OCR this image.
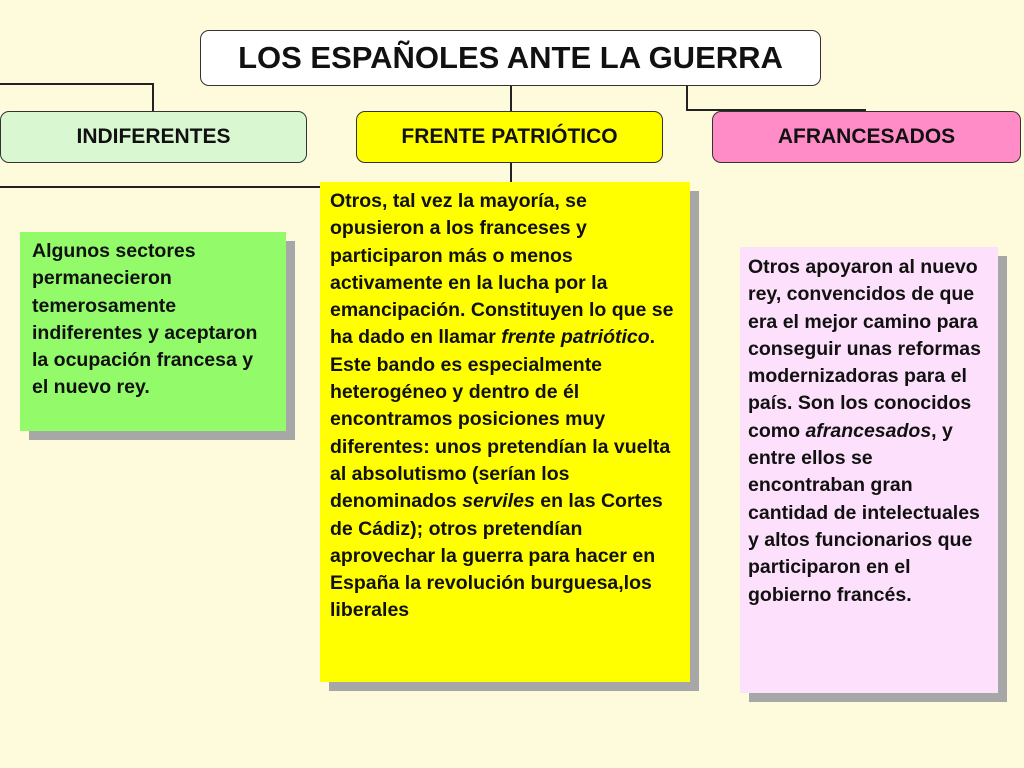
LOS ESPAÑOLES ANTE LA GUERRA
INDIFERENTES	FRENTE PATRIÓTICO	AFRANCESADOS

Algunos sectores permanecieron temerosamente indiferentes y aceptaron la ocupación francesa y el nuevo rey.

Otros, tal vez la mayoría, se opusieron a los franceses y participaron más o menos activamente en la lucha por la emancipación. Constituyen lo que se ha dado en llamar frente patriótico. Este bando es especialmente heterogéneo y dentro de él encontramos posiciones muy diferentes: unos pretendían la vuelta al absolutismo (serían los denominados serviles en las Cortes de Cádiz); otros pretendían aprovechar la guerra para hacer en España la revolución burguesa,los liberales

Otros apoyaron al nuevo rey, convencidos de que era el mejor camino para conseguir unas reformas modernizadoras para el país. Son los conocidos como afrancesados, y entre ellos se encontraban gran cantidad de intelectuales y altos funcionarios que participaron en el gobierno francés.
